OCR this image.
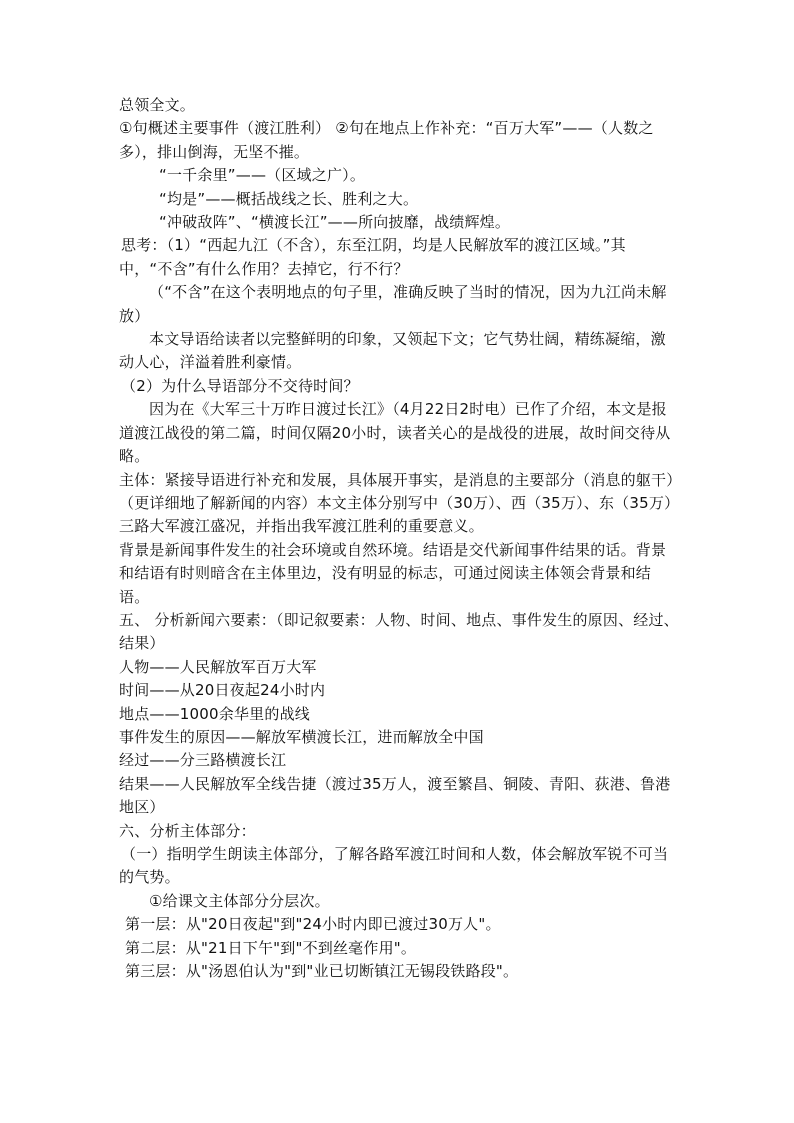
总领全文。

①句概述主要事件（渡江胜利） ②句在地点上作补充：“百万大军”——（人数之多），排山倒海，无坚不摧。

“一千余里”——（区域之广）。

“均是”——概括战线之长、胜利之大。

“冲破敌阵”、“横渡长江”——所向披靡，战绩辉煌。

思考：（1）“西起九江（不含），东至江阴，均是人民解放军的渡江区域。”其中，“不含”有什么作用？去掉它，行不行？

（“不含”在这个表明地点的句子里，准确反映了当时的情况，因为九江尚未解放）

本文导语给读者以完整鲜明的印象，又领起下文；它气势壮阔，精练凝缩，激动人心，洋溢着胜利豪情。

（2）为什么导语部分不交待时间？

因为在《大军三十万昨日渡过长江》（4月22日2时电）已作了介绍，本文是报道渡江战役的第二篇，时间仅隔20小时，读者关心的是战役的进展，故时间交待从略。

主体：紧接导语进行补充和发展，具体展开事实，是消息的主要部分（消息的躯干）（更详细地了解新闻的内容）本文主体分别写中（30万）、西（35万）、东（35万）三路大军渡江盛况，并指出我军渡江胜利的重要意义。

背景是新闻事件发生的社会环境或自然环境。结语是交代新闻事件结果的话。背景和结语有时则暗含在主体里边，没有明显的标志，可通过阅读主体领会背景和结语。

五、 分析新闻六要素：（即记叙要素：人物、时间、地点、事件发生的原因、经过、结果）

人物——人民解放军百万大军

时间——从20日夜起24小时内

地点——1000余华里的战线

事件发生的原因——解放军横渡长江，进而解放全中国

经过——分三路横渡长江

结果——人民解放军全线告捷（渡过35万人，渡至繁昌、铜陵、青阳、荻港、鲁港地区）

六、分析主体部分：

（一）指明学生朗读主体部分，了解各路军渡江时间和人数，体会解放军锐不可当的气势。

①给课文主体部分分层次。

第一层：从"20日夜起"到"24小时内即已渡过30万人"。

第二层：从"21日下午"到"不到丝毫作用"。

第三层：从"汤恩伯认为"到"业已切断镇江无锡段铁路段"。
